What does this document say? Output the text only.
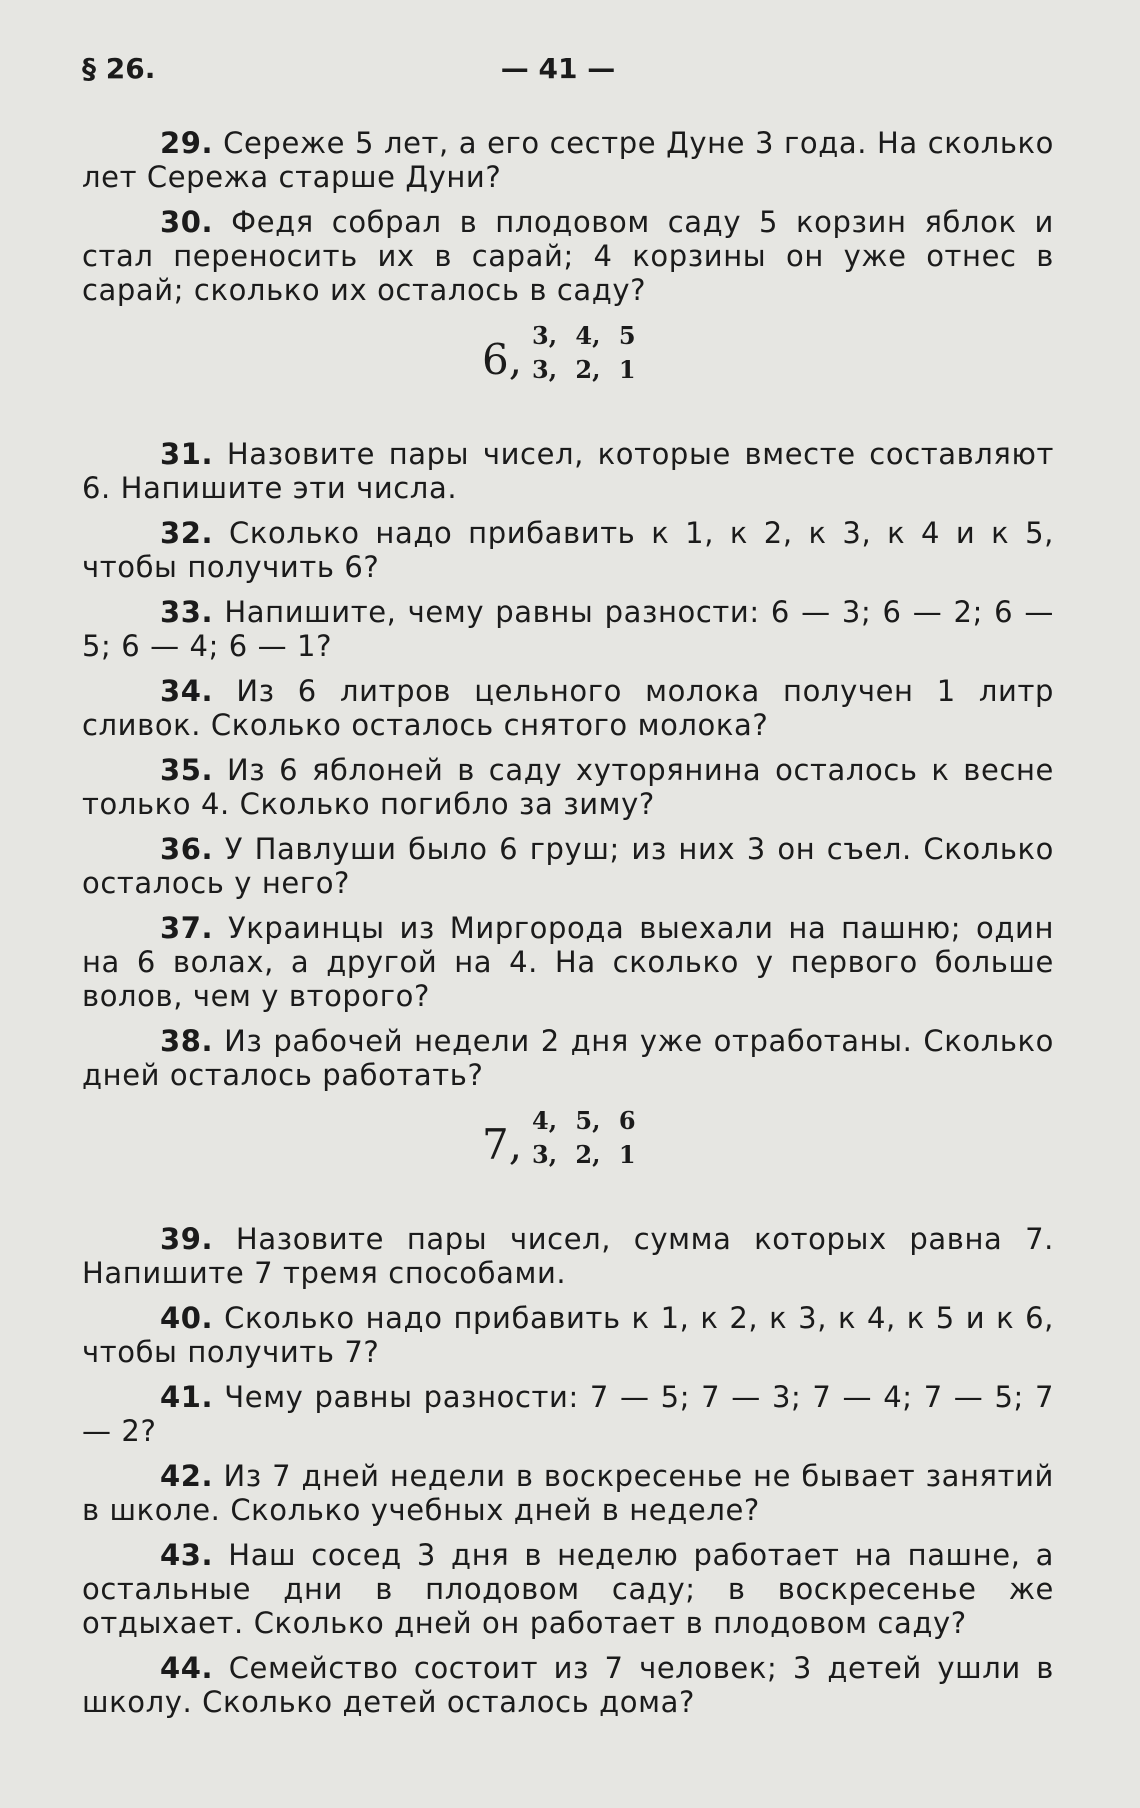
§ 26.	— 41 —

29. Сереже 5 лет, а его сестре Дуне 3 года. На сколько лет Сережа старше Дуни?

30. Федя собрал в плодовом саду 5 корзин яблок и стал переносить их в сарай; 4 корзины он уже отнес в сарай; сколько их осталось в саду?

6, 3, 4, 5
3, 2, 1

31. Назовите пары чисел, которые вместе составляют 6. Напишите эти числа.

32. Сколько надо прибавить к 1, к 2, к 3, к 4 и к 5, чтобы получить 6?

33. Напишите, чему равны разности: 6 — 3; 6 — 2; 6 — 5; 6 — 4; 6 — 1?

34. Из 6 литров цельного молока получен 1 литр сливок. Сколько осталось снятого молока?

35. Из 6 яблоней в саду хуторянина осталось к весне только 4. Сколько погибло за зиму?

36. У Павлуши было 6 груш; из них 3 он съел. Сколько осталось у него?

37. Украинцы из Миргорода выехали на пашню; один на 6 волах, а другой на 4. На сколько у первого больше волов, чем у второго?

38. Из рабочей недели 2 дня уже отработаны. Сколько дней осталось работать?

7, 4, 5, 6
3, 2, 1

39. Назовите пары чисел, сумма которых равна 7. Напишите 7 тремя способами.

40. Сколько надо прибавить к 1, к 2, к 3, к 4, к 5 и к 6, чтобы получить 7?

41. Чему равны разности: 7 — 5; 7 — 3; 7 — 4; 7 — 5; 7 — 2?

42. Из 7 дней недели в воскресенье не бывает занятий в школе. Сколько учебных дней в неделе?

43. Наш сосед 3 дня в неделю работает на пашне, а остальные дни в плодовом саду; в воскресенье же отдыхает. Сколько дней он работает в плодовом саду?

44. Семейство состоит из 7 человек; 3 детей ушли в школу. Сколько детей осталось дома?
